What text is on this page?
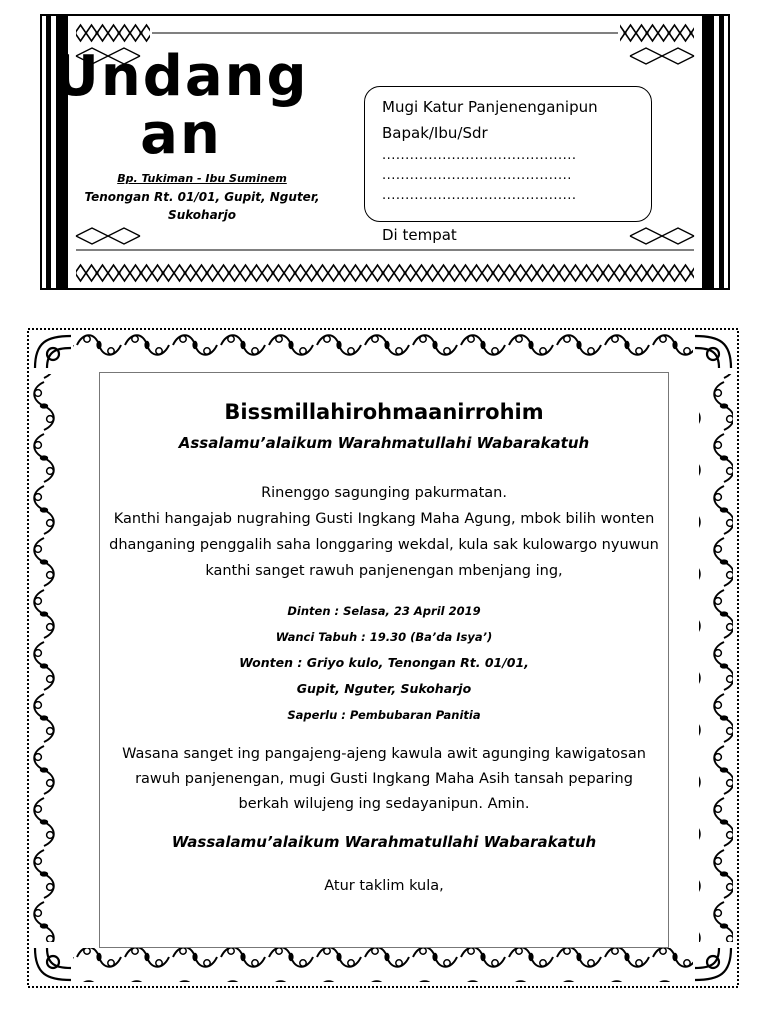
Undang
an
Bp. Tukiman - Ibu Suminem
Tenongan Rt. 01/01, Gupit, Nguter,
Sukoharjo
Mugi Katur Panjenenganipun
Bapak/Ibu/Sdr
..........................................
.........................................
..........................................
Di tempat
Bissmillahirohmaanirrohim
Assalamu’alaikum Warahmatullahi Wabarakatuh

Rinenggo sagunging pakurmatan.

Kanthi hangajab nugrahing Gusti Ingkang Maha Agung, mbok bilih wonten dhanganing penggalih saha longgaring wekdal, kula sak kulowargo nyuwun kanthi sanget rawuh panjenengan mbenjang ing,

Dinten : Selasa, 23 April 2019
Wanci Tabuh : 19.30 (Ba’da Isya’)
Wonten : Griyo kulo, Tenongan Rt. 01/01,
Gupit, Nguter, Sukoharjo
Saperlu : Pembubaran Panitia
Wasana sanget ing pangajeng-ajeng kawula awit agunging kawigatosan rawuh panjenengan, mugi Gusti Ingkang Maha Asih tansah peparing berkah wilujeng ing sedayanipun. Amin.
Wassalamu’alaikum Warahmatullahi Wabarakatuh
Atur taklim kula,
